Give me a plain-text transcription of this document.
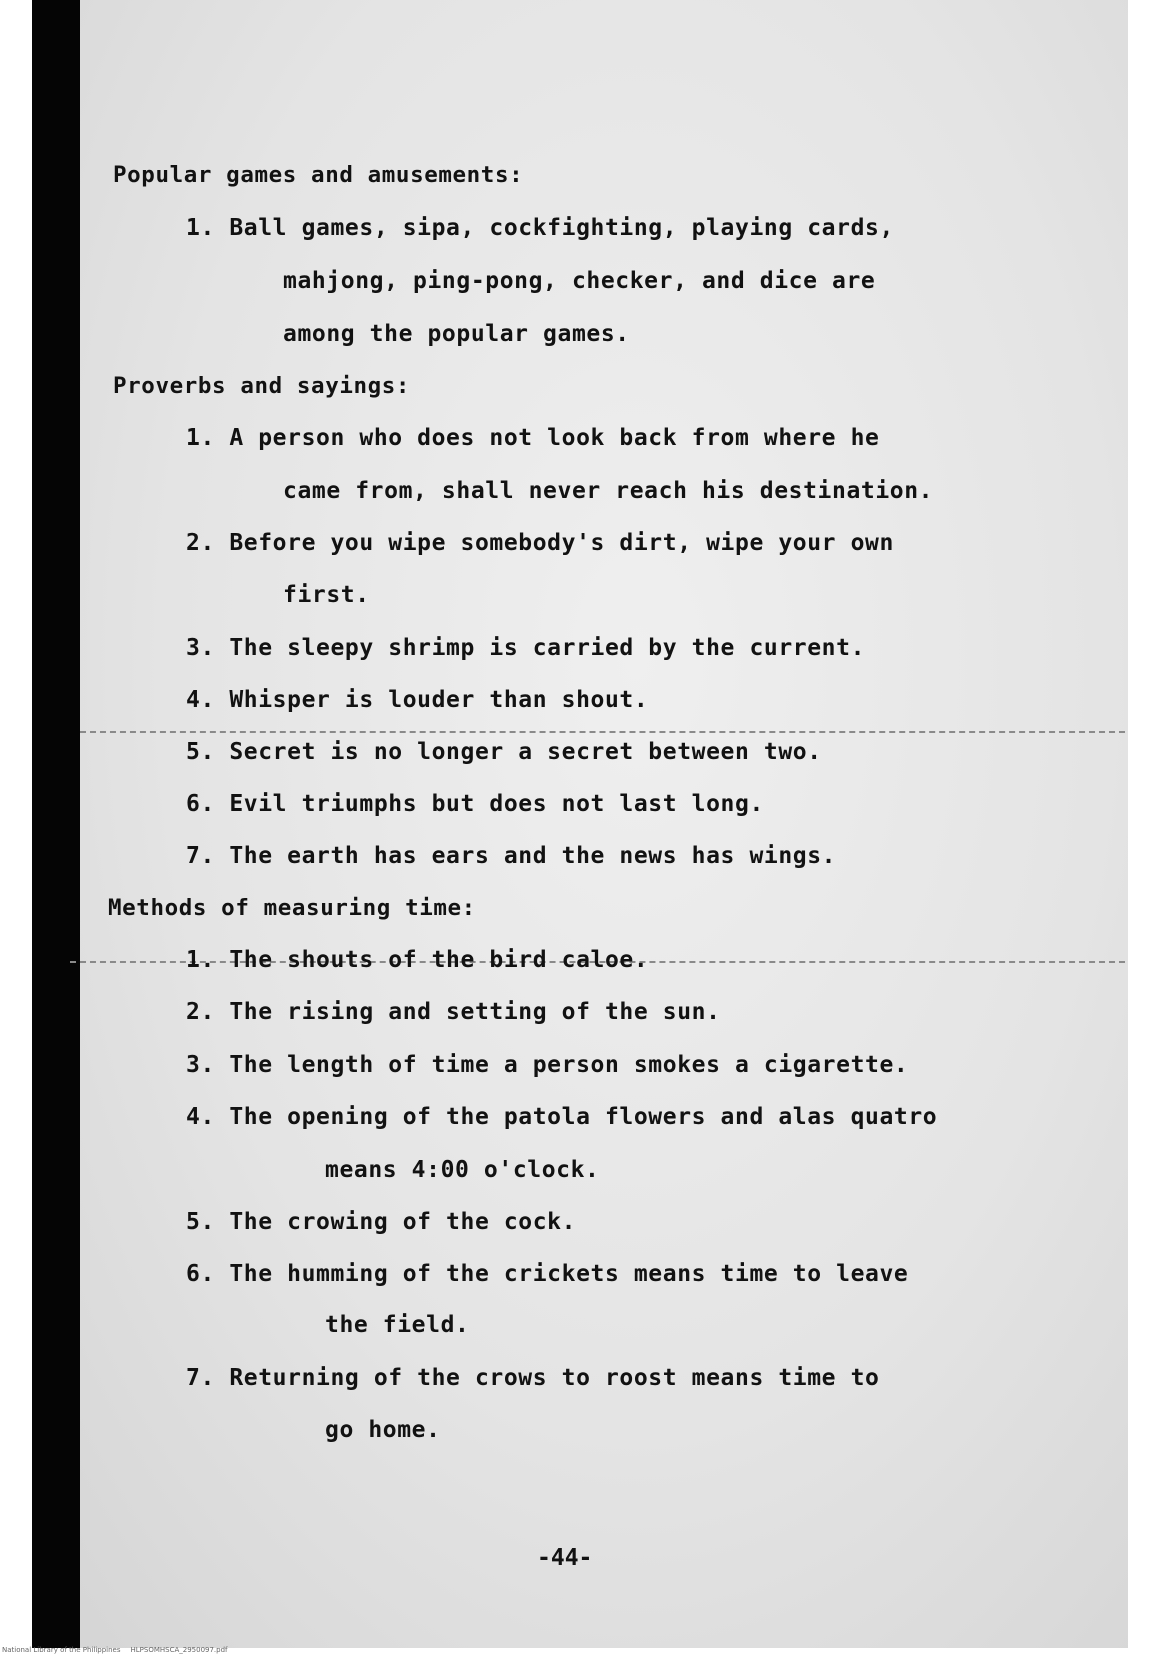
Popular games and amusements:
1. Ball games, sipa, cockfighting, playing cards,
mahjong, ping-pong, checker, and dice are
among the popular games.
Proverbs and sayings:
1. A person who does not look back from where he
came from, shall never reach his destination.
2. Before you wipe somebody's dirt, wipe your own
first.
3. The sleepy shrimp is carried by the current.
4. Whisper is louder than shout.
5. Secret is no longer a secret between two.
6. Evil triumphs but does not last long.
7. The earth has ears and the news has wings.
Methods of measuring time:
1. The shouts of the bird caloe.
2. The rising and setting of the sun.
3. The length of time a person smokes a cigarette.
4. The opening of the patola flowers and alas quatro
means 4:00 o'clock.
5. The crowing of the cock.
6. The humming of the crickets means time to leave
the field.
7. Returning of the crows to roost means time to
go home.
-44-
National Library of the Philippines HLPSOMHSCA_2950097.pdf
